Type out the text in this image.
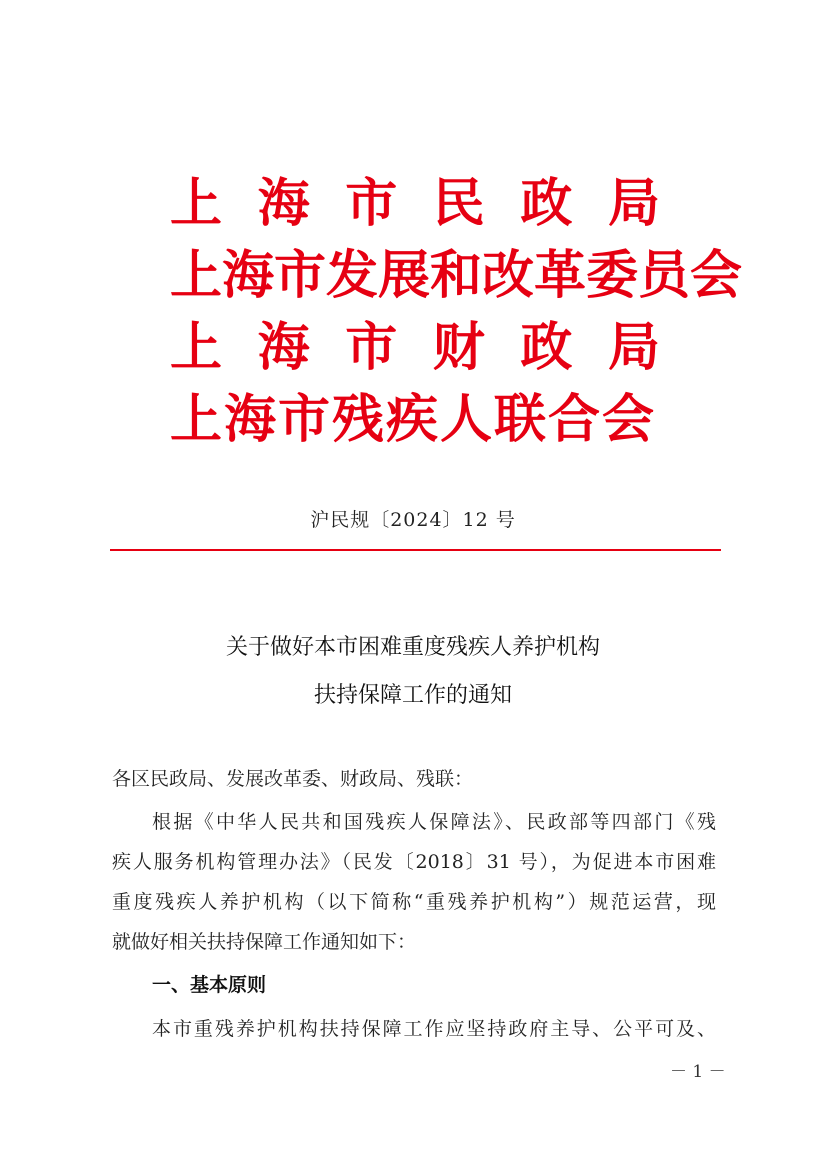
上 海 市 民 政 局
上海市发展和改革委员会
上 海 市 财 政 局
上海市残疾人联合会
沪民规〔2024〕12 号
关于做好本市困难重度残疾人养护机构
扶持保障工作的通知
各区民政局、发展改革委、财政局、残联：
根据《中华人民共和国残疾人保障法》、民政部等四部门《残
疾人服务机构管理办法》（民发〔2018〕31 号），为促进本市困难
重度残疾人养护机构（以下简称“重残养护机构”）规范运营，现
就做好相关扶持保障工作通知如下：
一、基本原则
本市重残养护机构扶持保障工作应坚持政府主导、公平可及、
－ 1 －
